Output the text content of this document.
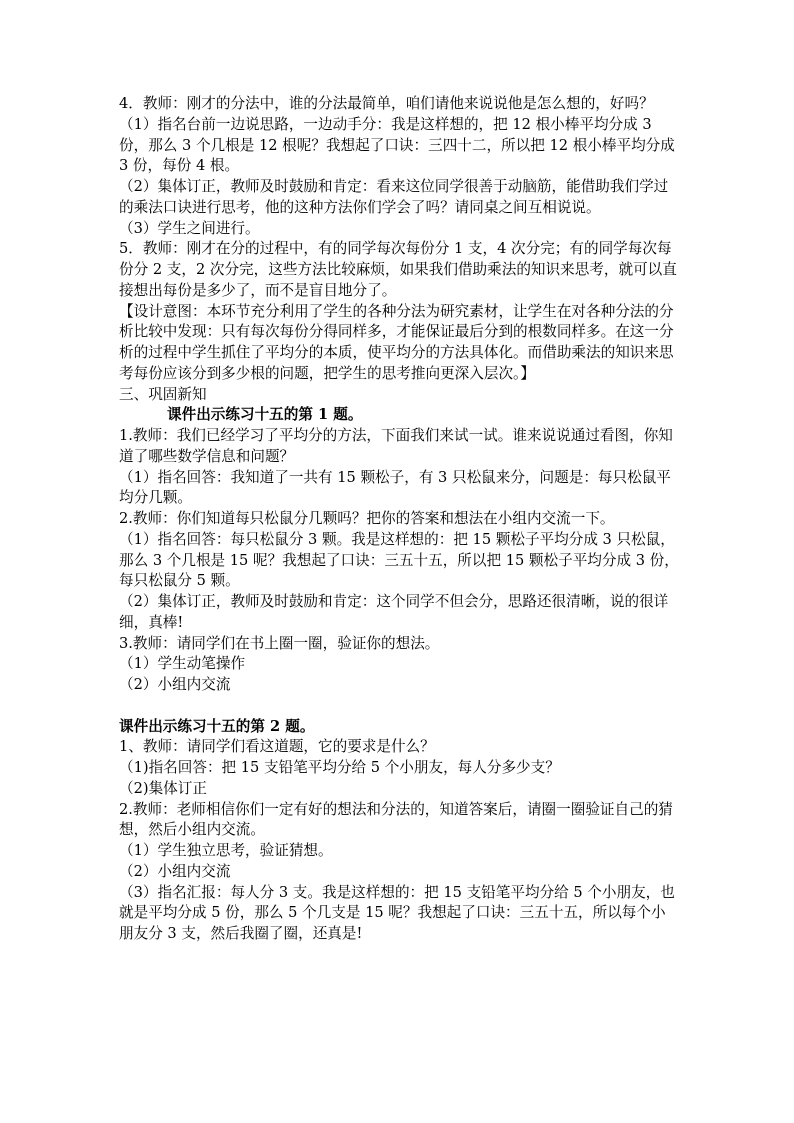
4．教师：刚才的分法中，谁的分法最简单，咱们请他来说说他是怎么想的，好吗？

（1）指名台前一边说思路，一边动手分：我是这样想的，把 12 根小棒平均分成 3 份，那么 3 个几根是 12 根呢？我想起了口诀：三四十二，所以把 12 根小棒平均分成 3 份，每份 4 根。

（2）集体订正，教师及时鼓励和肯定：看来这位同学很善于动脑筋，能借助我们学过的乘法口诀进行思考，他的这种方法你们学会了吗？请同桌之间互相说说。

（3）学生之间进行。

5．教师：刚才在分的过程中，有的同学每次每份分 1 支，4 次分完；有的同学每次每份分 2 支，2 次分完，这些方法比较麻烦，如果我们借助乘法的知识来思考，就可以直接想出每份是多少了，而不是盲目地分了。

【设计意图：本环节充分利用了学生的各种分法为研究素材，让学生在对各种分法的分析比较中发现：只有每次每份分得同样多，才能保证最后分到的根数同样多。在这一分析的过程中学生抓住了平均分的本质，使平均分的方法具体化。而借助乘法的知识来思考每份应该分到多少根的问题，把学生的思考推向更深入层次。】

三、巩固新知

课件出示练习十五的第 1 题。

1.教师：我们已经学习了平均分的方法，下面我们来试一试。谁来说说通过看图，你知道了哪些数学信息和问题？

（1）指名回答：我知道了一共有 15 颗松子，有 3 只松鼠来分，问题是：每只松鼠平均分几颗。

2.教师：你们知道每只松鼠分几颗吗？把你的答案和想法在小组内交流一下。

（1）指名回答：每只松鼠分 3 颗。我是这样想的：把 15 颗松子平均分成 3 只松鼠，那么 3 个几根是 15 呢？我想起了口诀：三五十五，所以把 15 颗松子平均分成 3 份，每只松鼠分 5 颗。

（2）集体订正，教师及时鼓励和肯定：这个同学不但会分，思路还很清晰，说的很详细，真棒!

3.教师：请同学们在书上圈一圈，验证你的想法。

（1）学生动笔操作

（2）小组内交流

课件出示练习十五的第 2 题。

1、教师：请同学们看这道题，它的要求是什么？

（1)指名回答：把 15 支铅笔平均分给 5 个小朋友，每人分多少支？

（2)集体订正

2.教师：老师相信你们一定有好的想法和分法的，知道答案后，请圈一圈验证自己的猜想，然后小组内交流。

（1）学生独立思考，验证猜想。

（2）小组内交流

（3）指名汇报：每人分 3 支。我是这样想的：把 15 支铅笔平均分给 5 个小朋友，也就是平均分成 5 份，那么 5 个几支是 15 呢？我想起了口诀：三五十五，所以每个小朋友分 3 支，然后我圈了圈，还真是!
